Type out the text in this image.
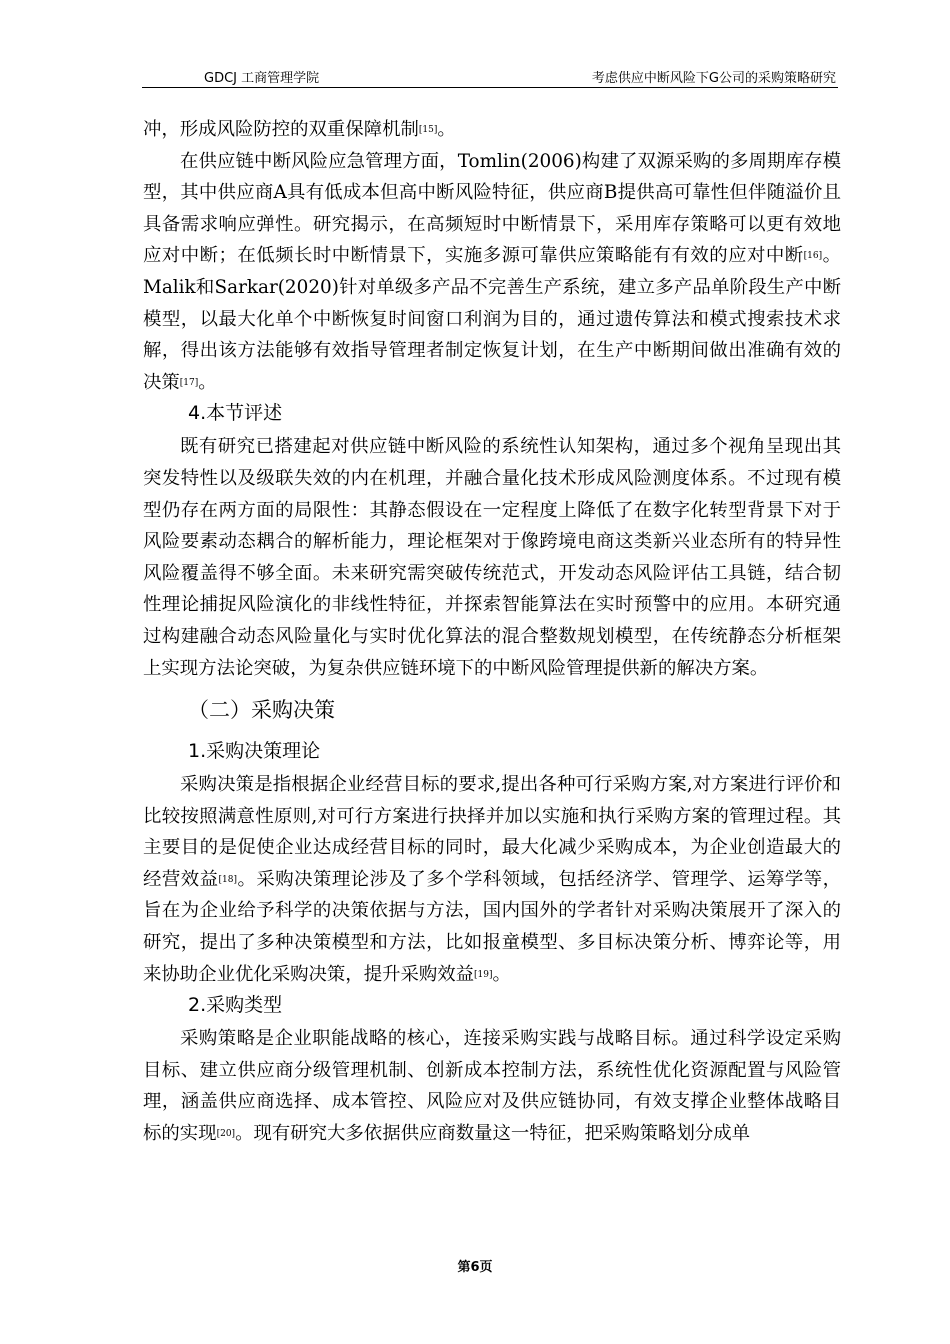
GDCJ 工商管理学院	考虑供应中断风险下G公司的采购策略研究

冲，形成风险防控的双重保障机制[15]。

在供应链中断风险应急管理方面，Tomlin(2006)构建了双源采购的多周期库存模型，其中供应商A具有低成本但高中断风险特征，供应商B提供高可靠性但伴随溢价且具备需求响应弹性。研究揭示，在高频短时中断情景下，采用库存策略可以更有效地应对中断；在低频长时中断情景下，实施多源可靠供应策略能有有效的应对中断[16]。Malik和Sarkar(2020)针对单级多产品不完善生产系统，建立多产品单阶段生产中断模型，以最大化单个中断恢复时间窗口利润为目的，通过遗传算法和模式搜索技术求解，得出该方法能够有效指导管理者制定恢复计划，在生产中断期间做出准确有效的决策[17]。

4.本节评述

既有研究已搭建起对供应链中断风险的系统性认知架构，通过多个视角呈现出其突发特性以及级联失效的内在机理，并融合量化技术形成风险测度体系。不过现有模型仍存在两方面的局限性：其静态假设在一定程度上降低了在数字化转型背景下对于风险要素动态耦合的解析能力，理论框架对于像跨境电商这类新兴业态所有的特异性风险覆盖得不够全面。未来研究需突破传统范式，开发动态风险评估工具链，结合韧性理论捕捉风险演化的非线性特征，并探索智能算法在实时预警中的应用。本研究通过构建融合动态风险量化与实时优化算法的混合整数规划模型，在传统静态分析框架上实现方法论突破，为复杂供应链环境下的中断风险管理提供新的解决方案。

（二）采购决策
1.采购决策理论

采购决策是指根据企业经营目标的要求,提出各种可行采购方案,对方案进行评价和比较按照满意性原则,对可行方案进行抉择并加以实施和执行采购方案的管理过程。其主要目的是促使企业达成经营目标的同时，最大化减少采购成本，为企业创造最大的经营效益[18]。采购决策理论涉及了多个学科领域，包括经济学、管理学、运筹学等，旨在为企业给予科学的决策依据与方法，国内国外的学者针对采购决策展开了深入的研究，提出了多种决策模型和方法，比如报童模型、多目标决策分析、博弈论等，用来协助企业优化采购决策，提升采购效益[19]。

2.采购类型

采购策略是企业职能战略的核心，连接采购实践与战略目标。通过科学设定采购目标、建立供应商分级管理机制、创新成本控制方法，系统性优化资源配置与风险管理，涵盖供应商选择、成本管控、风险应对及供应链协同，有效支撑企业整体战略目标的实现[20]。现有研究大多依据供应商数量这一特征，把采购策略划分成单

第6页
